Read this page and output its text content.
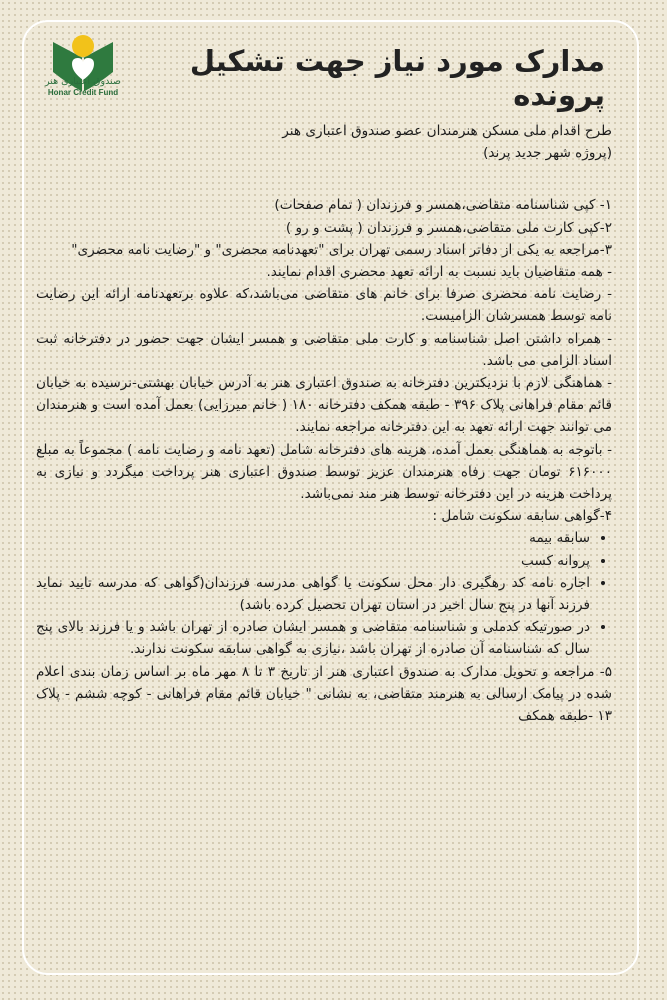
صندوق اعتباری هنر
Honar Credit Fund
مدارک مورد نیاز جهت تشکیل پرونده

طرح اقدام ملی مسکن هنرمندان عضو صندوق اعتباری هنر

(پروژه شهر جدید پرند)

۱- کپی شناسنامه متقاضی،همسر و فرزندان ( تمام صفحات)

۲-کپی کارت ملی متقاضی،همسر و فرزندان ( پشت و رو )

۳-مراجعه به یکی از دفاتر اسناد رسمی تهران برای "تعهدنامه محضری" و "رضایت نامه محضری"

- همه متقاضیان باید نسبت به ارائه تعهد محضری اقدام نمایند.

- رضایت نامه محضری صرفا برای خانم های متقاضی می‌باشد،که علاوه برتعهدنامه ارائه این رضایت نامه توسط همسرشان الزامیست.

- همراه داشتن اصل شناسنامه و کارت ملی متقاضی و همسر ایشان جهت حضور در دفترخانه ثبت اسناد الزامی می باشد.

- هماهنگی لازم با نزدیکترین دفترخانه به صندوق اعتباری هنر به آدرس خیابان بهشتی-نرسیده به خیابان قائم مقام فراهانی پلاک ۳۹۶ - طبقه همکف دفترخانه ۱۸۰ ( خانم میرزایی) بعمل آمده است و هنرمندان می توانند جهت ارائه تعهد به این دفترخانه مراجعه نمایند.

- باتوجه به هماهنگی بعمل آمده، هزینه های دفترخانه شامل (تعهد نامه و رضایت نامه ) مجموعاً به مبلغ ۶۱۶۰۰۰ تومان جهت رفاه هنرمندان عزیز توسط صندوق اعتباری هنر پرداخت میگردد و نیازی به پرداخت هزینه در این دفترخانه توسط هنر مند نمی‌باشد.

۴-گواهی سابقه سکونت شامل :

• سابقه بیمه
• پروانه کسب
• اجاره نامه کد رهگیری دار محل سکونت یا گواهی مدرسه فرزندان(گواهی که مدرسه تایید نماید فرزند آنها در پنج سال اخیر در استان تهران تحصیل کرده باشد)
• در صورتیکه کدملی و شناسنامه متقاضی و همسر ایشان صادره از تهران باشد و یا فرزند بالای پنج سال که شناسنامه آن صادره از تهران باشد ،نیازی به گواهی سابقه سکونت ندارند.

۵- مراجعه و تحویل مدارک به صندوق اعتباری هنر از تاریخ ۳ تا ۸ مهر ماه بر اساس زمان بندی اعلام شده در پیامک ارسالی به هنرمند متقاضی، به نشانی " خیابان قائم مقام فراهانی - کوچه ششم - پلاک ۱۳ -طبقه همکف
